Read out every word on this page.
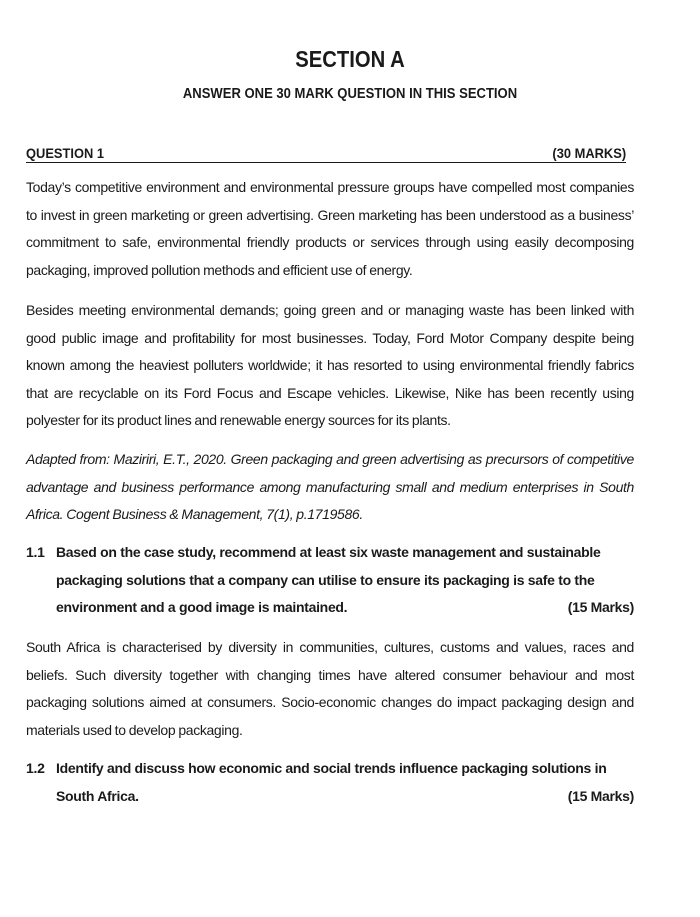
SECTION A
ANSWER ONE 30 MARK QUESTION IN THIS SECTION
QUESTION 1	(30 MARKS)
Today’s competitive environment and environmental pressure groups have compelled most companies to invest in green marketing or green advertising. Green marketing has been understood as a business’ commitment to safe, environmental friendly products or services through using easily decomposing packaging, improved pollution methods and efficient use of energy.
Besides meeting environmental demands; going green and or managing waste has been linked with good public image and profitability for most businesses. Today, Ford Motor Company despite being known among the heaviest polluters worldwide; it has resorted to using environmental friendly fabrics that are recyclable on its Ford Focus and Escape vehicles. Likewise, Nike has been recently using polyester for its product lines and renewable energy sources for its plants.
Adapted from: Maziriri, E.T., 2020. Green packaging and green advertising as precursors of competitive advantage and business performance among manufacturing small and medium enterprises in South Africa. Cogent Business & Management, 7(1), p.1719586.
1.1 Based on the case study, recommend at least six waste management and sustainable packaging solutions that a company can utilise to ensure its packaging is safe to the environment and a good image is maintained.	(15 Marks)
South Africa is characterised by diversity in communities, cultures, customs and values, races and beliefs. Such diversity together with changing times have altered consumer behaviour and most packaging solutions aimed at consumers. Socio-economic changes do impact packaging design and materials used to develop packaging.
1.2 Identify and discuss how economic and social trends influence packaging solutions in South Africa.	(15 Marks)
